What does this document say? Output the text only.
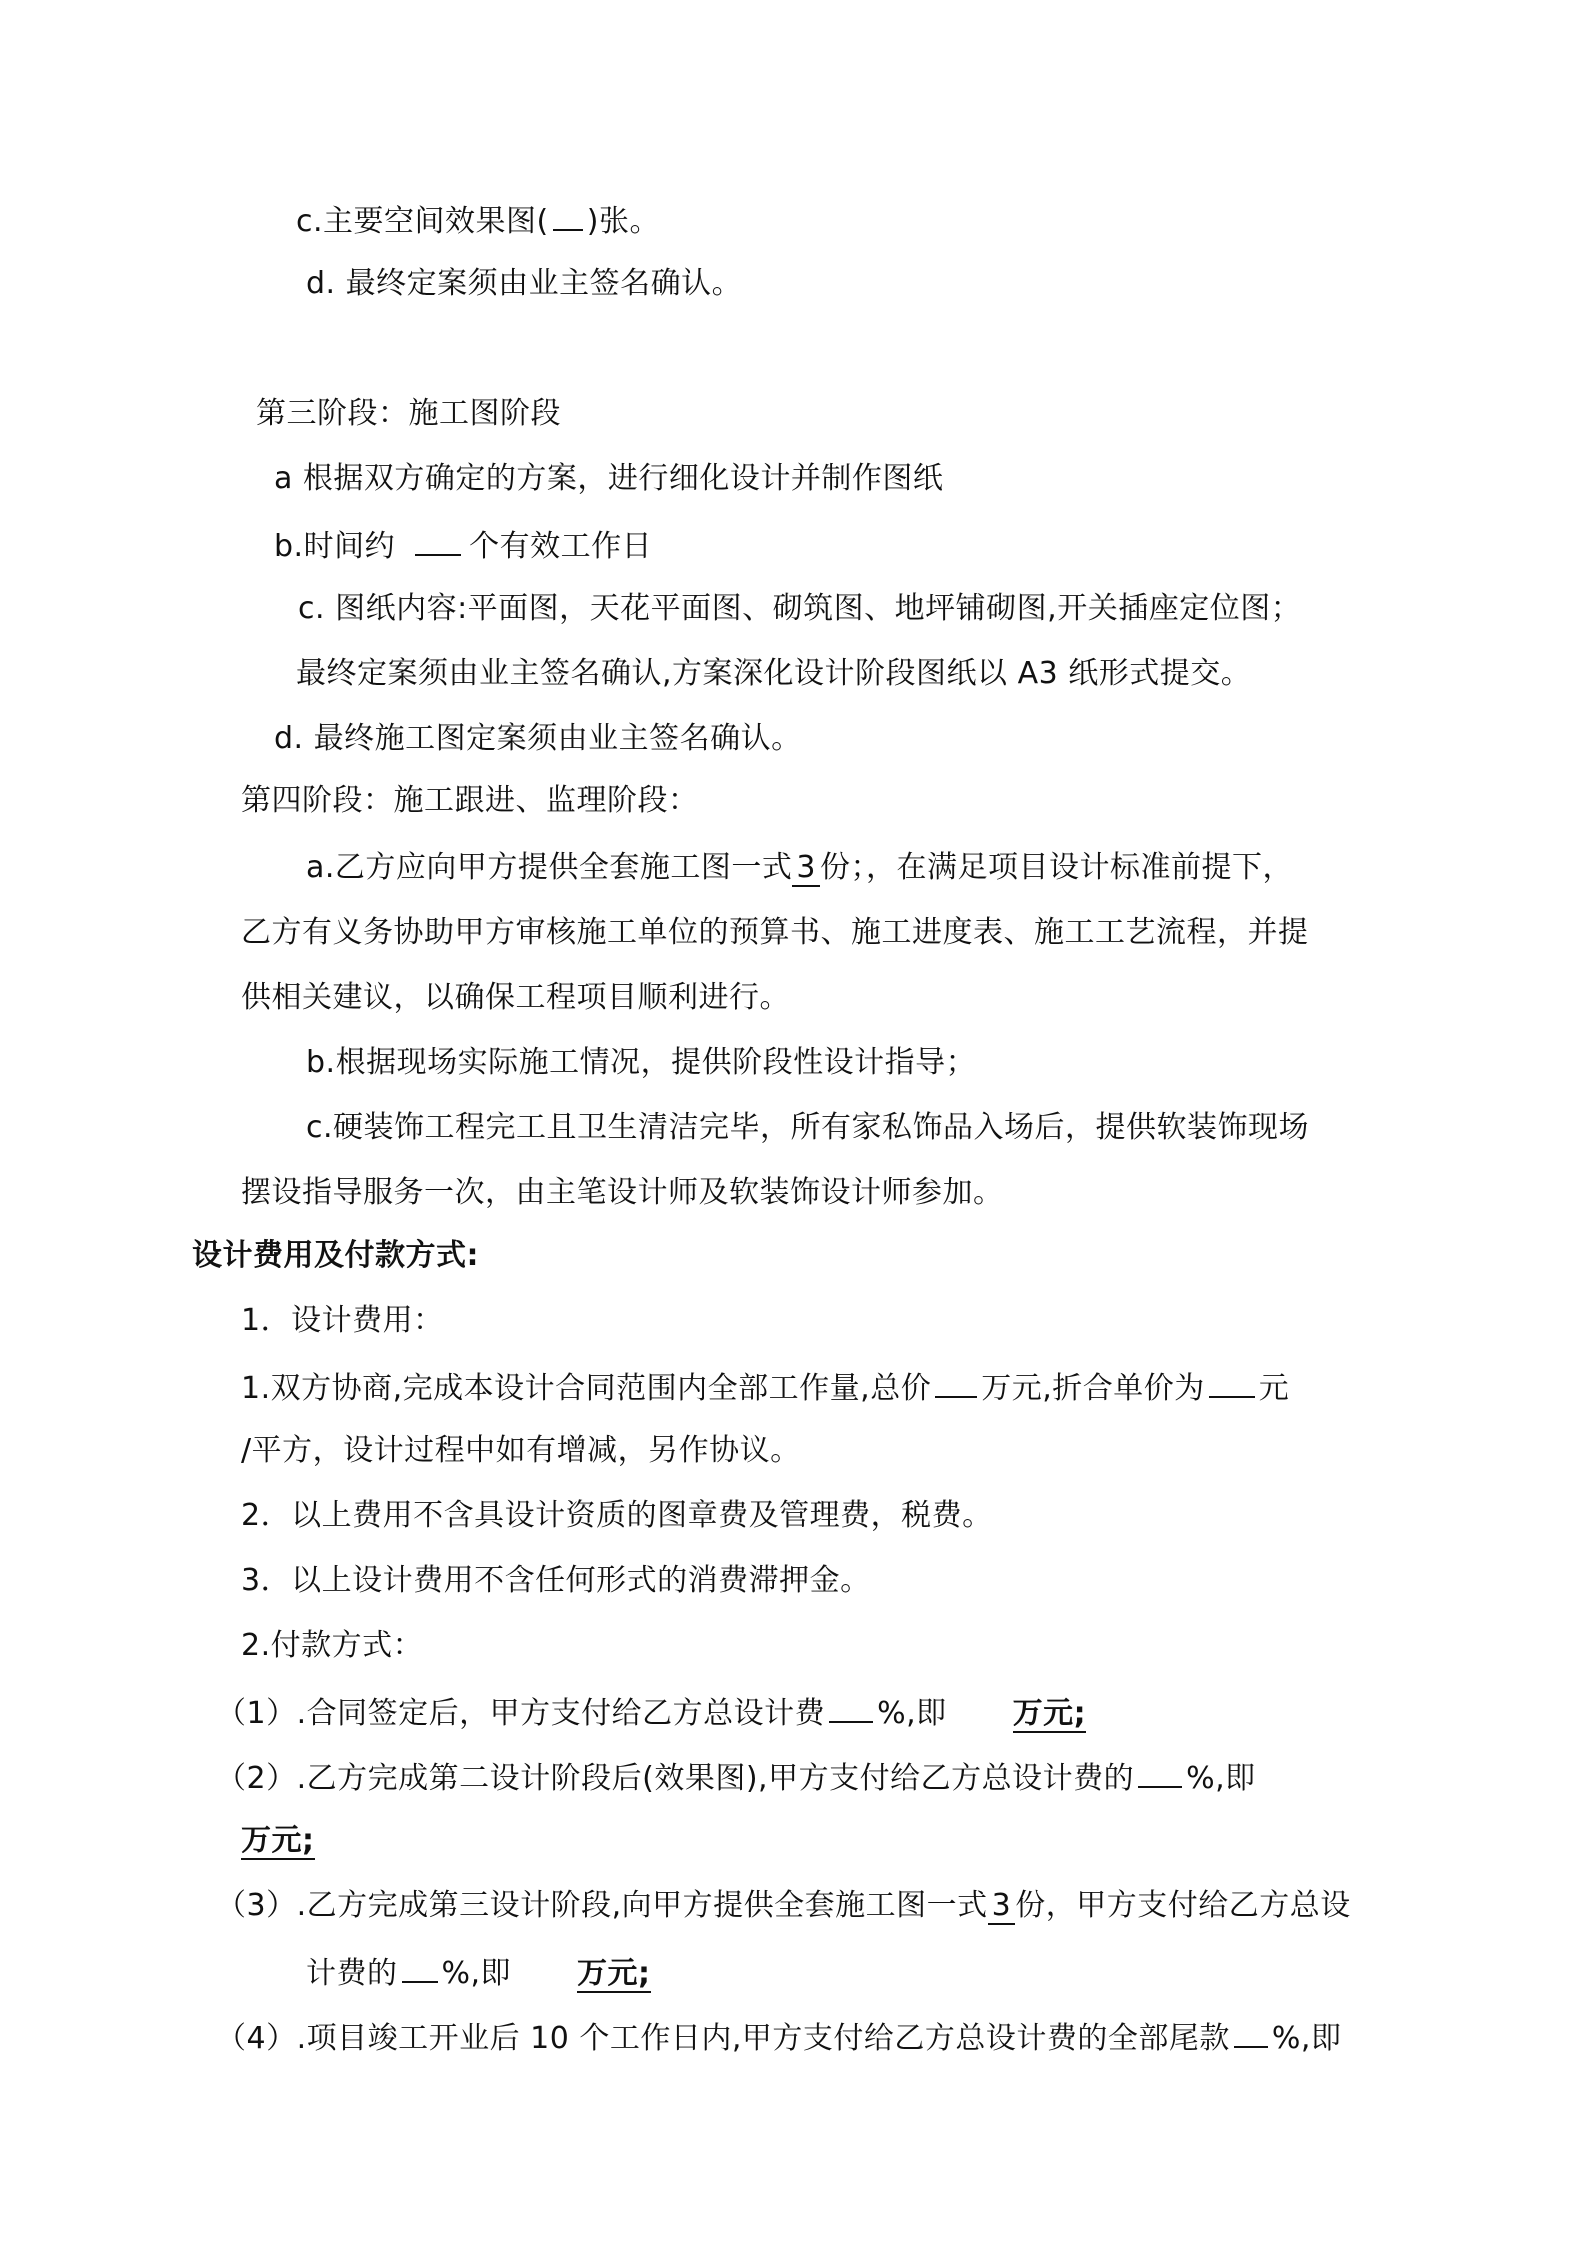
c.主要空间效果图( )张。
d. 最终定案须由业主签名确认。
第三阶段：施工图阶段
a 根据双方确定的方案，进行细化设计并制作图纸
b.时间约 个有效工作日
c. 图纸内容:平面图，天花平面图、砌筑图、地坪铺砌图,开关插座定位图；
最终定案须由业主签名确认,方案深化设计阶段图纸以 A3 纸形式提交。
d. 最终施工图定案须由业主签名确认。
第四阶段：施工跟进、监理阶段：
a.乙方应向甲方提供全套施工图一式 3 份；，在满足项目设计标准前提下，
乙方有义务协助甲方审核施工单位的预算书、施工进度表、施工工艺流程，并提
供相关建议，以确保工程项目顺利进行。
b.根据现场实际施工情况，提供阶段性设计指导；
c.硬装饰工程完工且卫生清洁完毕，所有家私饰品入场后，提供软装饰现场
摆设指导服务一次，由主笔设计师及软装饰设计师参加。
设计费用及付款方式:
1．设计费用：
1.双方协商,完成本设计合同范围内全部工作量,总价 万元,折合单价为 元
/平方，设计过程中如有增减，另作协议。
2．以上费用不含具设计资质的图章费及管理费，税费。
3．以上设计费用不含任何形式的消费滞押金。
2.付款方式：
（1）.合同签定后，甲方支付给乙方总设计费 %,即 万元;
（2）.乙方完成第二设计阶段后(效果图),甲方支付给乙方总设计费的 %,即
万元;
（3）.乙方完成第三设计阶段,向甲方提供全套施工图一式 3 份，甲方支付给乙方总设
计费的 %,即 万元;
（4）.项目竣工开业后 10 个工作日内,甲方支付给乙方总设计费的全部尾款 %,即
